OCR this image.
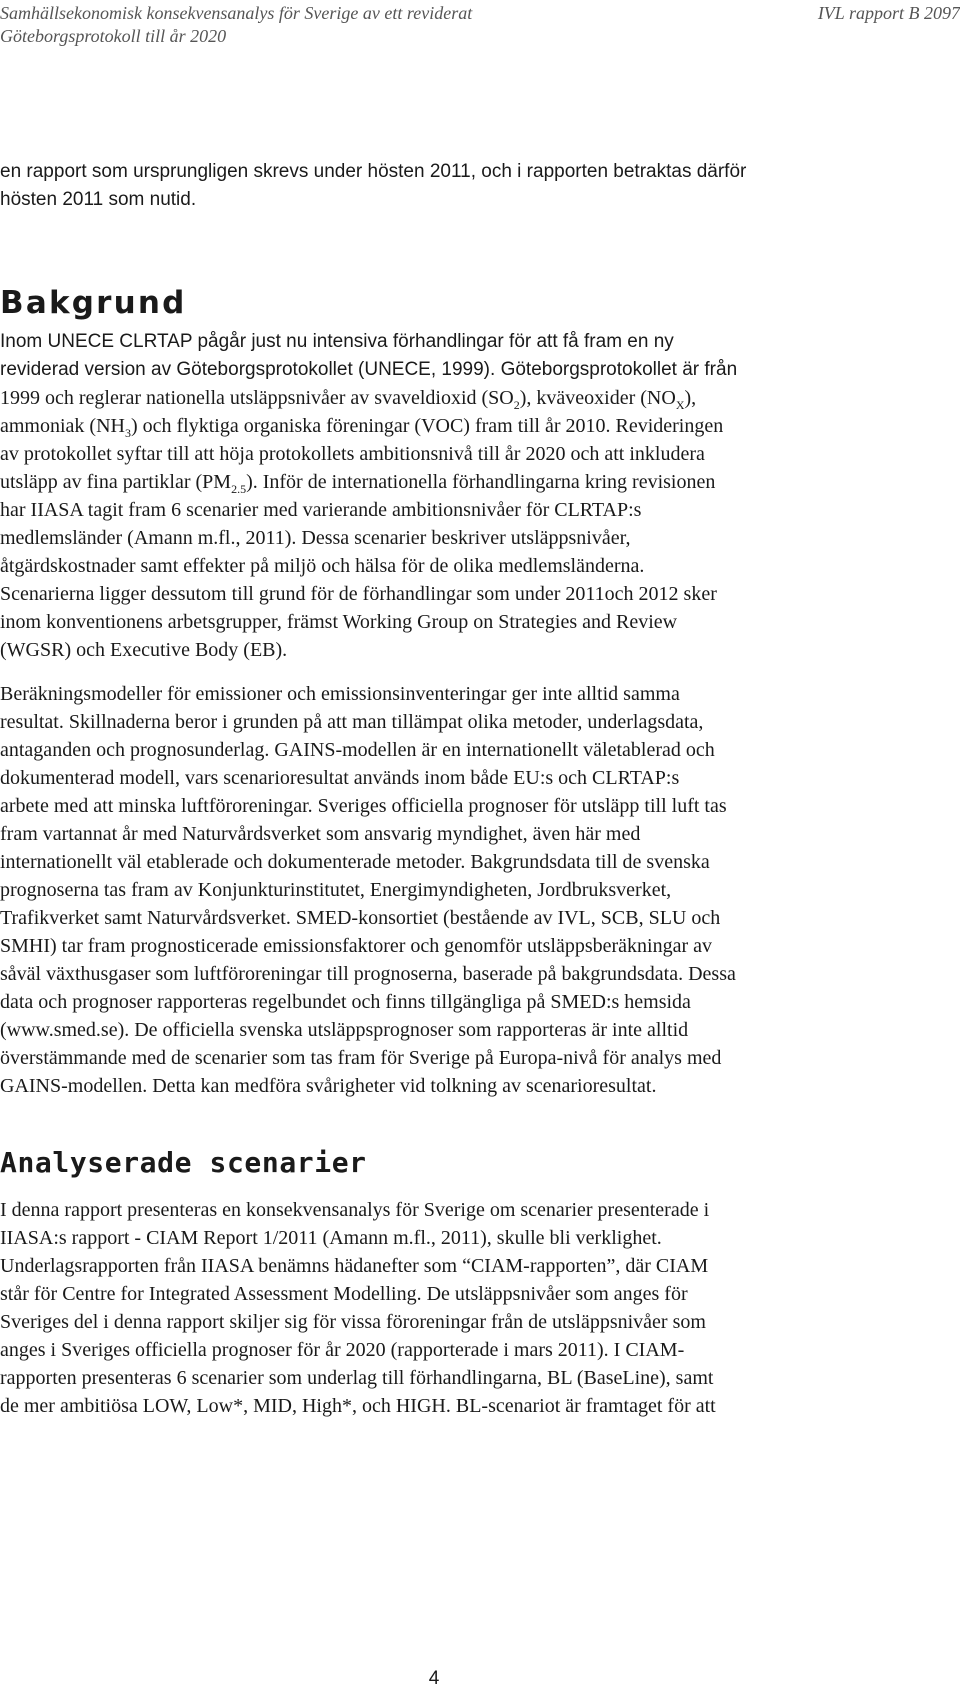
Samhällsekonomisk konsekvensanalys för Sverige av ett reviderat
Göteborgsprotokoll till år 2020
IVL rapport B 2097

en rapport som ursprungligen skrevs under hösten 2011, och i rapporten betraktas därför

hösten 2011 som nutid.

Bakgrund

Inom UNECE CLRTAP pågår just nu intensiva förhandlingar för att få fram en ny

reviderad version av Göteborgsprotokollet (UNECE, 1999). Göteborgsprotokollet är från

1999 och reglerar nationella utsläppsnivåer av svaveldioxid $(SO_2)$, kväveoxider $(NO_X)$,

ammoniak $(NH_3)$ och flyktiga organiska föreningar (VOC) fram till år 2010. Revideringen

av protokollet syftar till att höja protokollets ambitionsnivå till år 2020 och att inkludera

utsläpp av fina partiklar $(PM_{2.5})$. Inför de internationella förhandlingarna kring revisionen

har IIASA tagit fram 6 scenarier med varierande ambitionsnivåer för CLRTAP:s

medlemsländer (Amann m.fl., 2011). Dessa scenarier beskriver utsläppsnivåer,

åtgärdskostnader samt effekter på miljö och hälsa för de olika medlemsländerna.

Scenarierna ligger dessutom till grund för de förhandlingar som under 2011och 2012 sker

inom konventionens arbetsgrupper, främst Working Group on Strategies and Review

(WGSR) och Executive Body (EB).

Beräkningsmodeller för emissioner och emissionsinventeringar ger inte alltid samma

resultat. Skillnaderna beror i grunden på att man tillämpat olika metoder, underlagsdata,

antaganden och prognosunderlag. GAINS-modellen är en internationellt väletablerad och

dokumenterad modell, vars scenarioresultat används inom både EU:s och CLRTAP:s

arbete med att minska luftföroreningar. Sveriges officiella prognoser för utsläpp till luft tas

fram vartannat år med Naturvårdsverket som ansvarig myndighet, även här med

internationellt väl etablerade och dokumenterade metoder. Bakgrundsdata till de svenska

prognoserna tas fram av Konjunkturinstitutet, Energimyndigheten, Jordbruksverket,

Trafikverket samt Naturvårdsverket. SMED-konsortiet (bestående av IVL, SCB, SLU och

SMHI) tar fram prognosticerade emissionsfaktorer och genomför utsläppsberäkningar av

såväl växthusgaser som luftföroreningar till prognoserna, baserade på bakgrundsdata. Dessa

data och prognoser rapporteras regelbundet och finns tillgängliga på SMED:s hemsida

(www.smed.se). De officiella svenska utsläppsprognoser som rapporteras är inte alltid

överstämmande med de scenarier som tas fram för Sverige på Europa-nivå för analys med

GAINS-modellen. Detta kan medföra svårigheter vid tolkning av scenarioresultat.

Analyserade scenarier

I denna rapport presenteras en konsekvensanalys för Sverige om scenarier presenterade i

IIASA:s rapport - CIAM Report 1/2011 (Amann m.fl., 2011), skulle bli verklighet.

Underlagsrapporten från IIASA benämns hädanefter som “CIAM-rapporten”, där CIAM

står för Centre for Integrated Assessment Modelling. De utsläppsnivåer som anges för

Sveriges del i denna rapport skiljer sig för vissa föroreningar från de utsläppsnivåer som

anges i Sveriges officiella prognoser för år 2020 (rapporterade i mars 2011). I CIAM-

rapporten presenteras 6 scenarier som underlag till förhandlingarna, BL (BaseLine), samt

de mer ambitiösa LOW, Low*, MID, High*, och HIGH. BL-scenariot är framtaget för att

4
